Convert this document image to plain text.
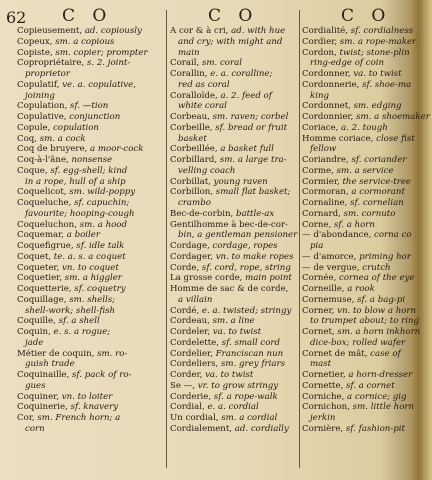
62 C O	C O	C O
Copieusement, ad. copiously
Copeux, sm. a copious
Copiste, sm. copier; prompter
Copropriétaire, s. 2. joint-
proprietor
Copulatif, ve. a. copulative,
joining
Copulation, sf. —tion
Copulative, conjunction
Copule, copulation
Coq, sm. a cock
Coq de bruyere, a moor-cock
Coq-à-l'âne, nonsense
Coque, sf. egg-shell; kind
in a rope, hull of a ship
Coquelicot, sm. wild-poppy
Coqueluche, sf. capuchin;
favourite; hooping-cough
Coqueluchon, sm. a hood
Coquemar, a boiler
Coquefigrue, sf. idle talk
Coquet, te. a. s. a coquet
Coqueter, vn. to coquet
Coquetier, sm. a higgler
Coquetterie, sf. coquetry
Coquillage, sm. shells;
shell-work; shell-fish
Coquille, sf. a shell
Coquin, e. s. a rogue;
jade
Métier de coquin, sm. ro-
guish trade
Coquinaille, sf. pack of ro-
gues
Coquiner, vn. to loiter
Coquinerie, sf. knavery
Cor, sm. French horn; a
corn
A cor & à cri, ad. with hue
and cry; with might and
main
Corail, sm. coral
Corallin, e. a. coralline;
red as coral
Coralloïde, a. 2. feed of
white coral
Corbeau, sm. raven; corbel
Corbeille, sf. bread or fruit
basket
Corbeillée, a basket full
Corbillard, sm. a large tra-
velling coach
Corbillat, young raven
Corbillon, small flat basket;
crambo
Bec-de-corbin, battle-ax
Gentilhomme à bec-de-cor-
bin, a gentleman pensioner
Cordage, cordage, ropes
Cordager, vn. to make ropes
Corde, sf. cord, rope, string
La grosse corde, main point
Homme de sac & de corde,
a villain
Cordé, e. a. twisted; stringy
Cordeau, sm. a line
Cordeler, va. to twist
Cordelette, sf. small cord
Cordelier, Franciscan nun
Cordeliers, sm. grey friars
Corder, va. to twist
Se —, vr. to grow stringy
Corderie, sf. a rope-walk
Cordial, e. a. cordial
Un cordial, sm. a cordial
Cordialement, ad. cordially
Cordialité, sf. cordialness
Cordier, sm. a rope-maker
Cordon, twist; stone-plin
ring-edge of coin
Cordonner, va. to twist
Cordonnerie, sf. shoe-ma
king
Cordonnet, sm. edging
Cordonnier, sm. a shoemaker
Coriace, a. 2. tough
Homme coriace, close fist
fellow
Coriandre, sf. coriander
Corme, sm. a service
Cormier, the service-tree
Cormoran, a cormorant
Cornaline, sf. cornelian
Cornard, sm. cornuto
Corne, sf. a horn
— d'abondance, corna co
pia
— d'amorce, priming hor
— de vergue, crutch
Cornée, cornea of the eye
Corneille, a rook
Cornemuse, sf. a bag-pi
Corner, vn. to blow a horn
to trumpet about; to ring
Cornet, sm. a horn inkhorn
dice-box; rolled wafer
Cornet de mât, case of
mast
Cornetier, a horn-dresser
Cornette, sf. a cornet
Corniche, a cornice; gig
Cornichon, sm. little horn
jerkin
Cornière, sf. fashion-pit
